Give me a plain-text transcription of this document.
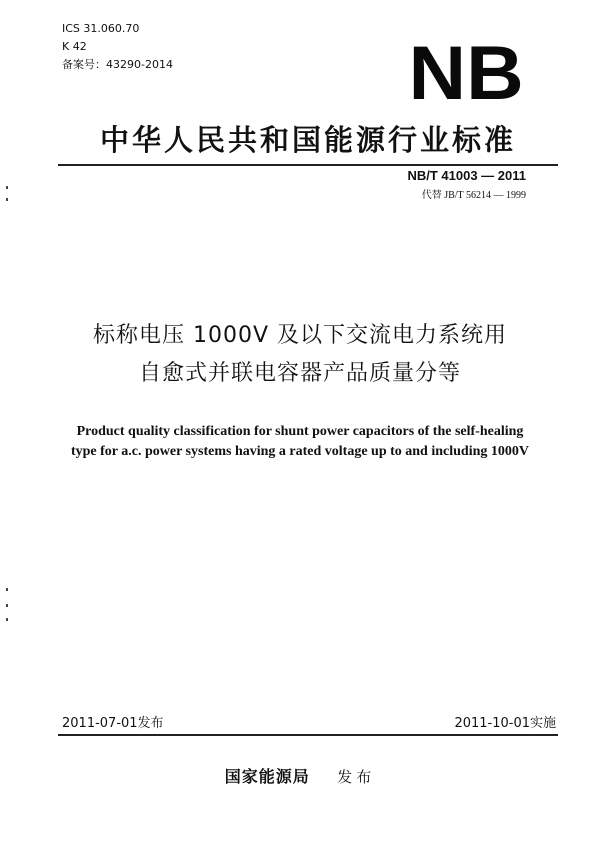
ICS 31.060.70
K 42
备案号：43290-2014	NB
中华人民共和国能源行业标准
NB/T 41003 — 2011
代替 JB/T 56214 — 1999
标称电压 1000V 及以下交流电力系统用
自愈式并联电容器产品质量分等
Product quality classification for shunt power capacitors of the self-healing
type for a.c. power systems having a rated voltage up to and including 1000V
2011-07-01发布	2011-10-01实施
国家能源局 发布
